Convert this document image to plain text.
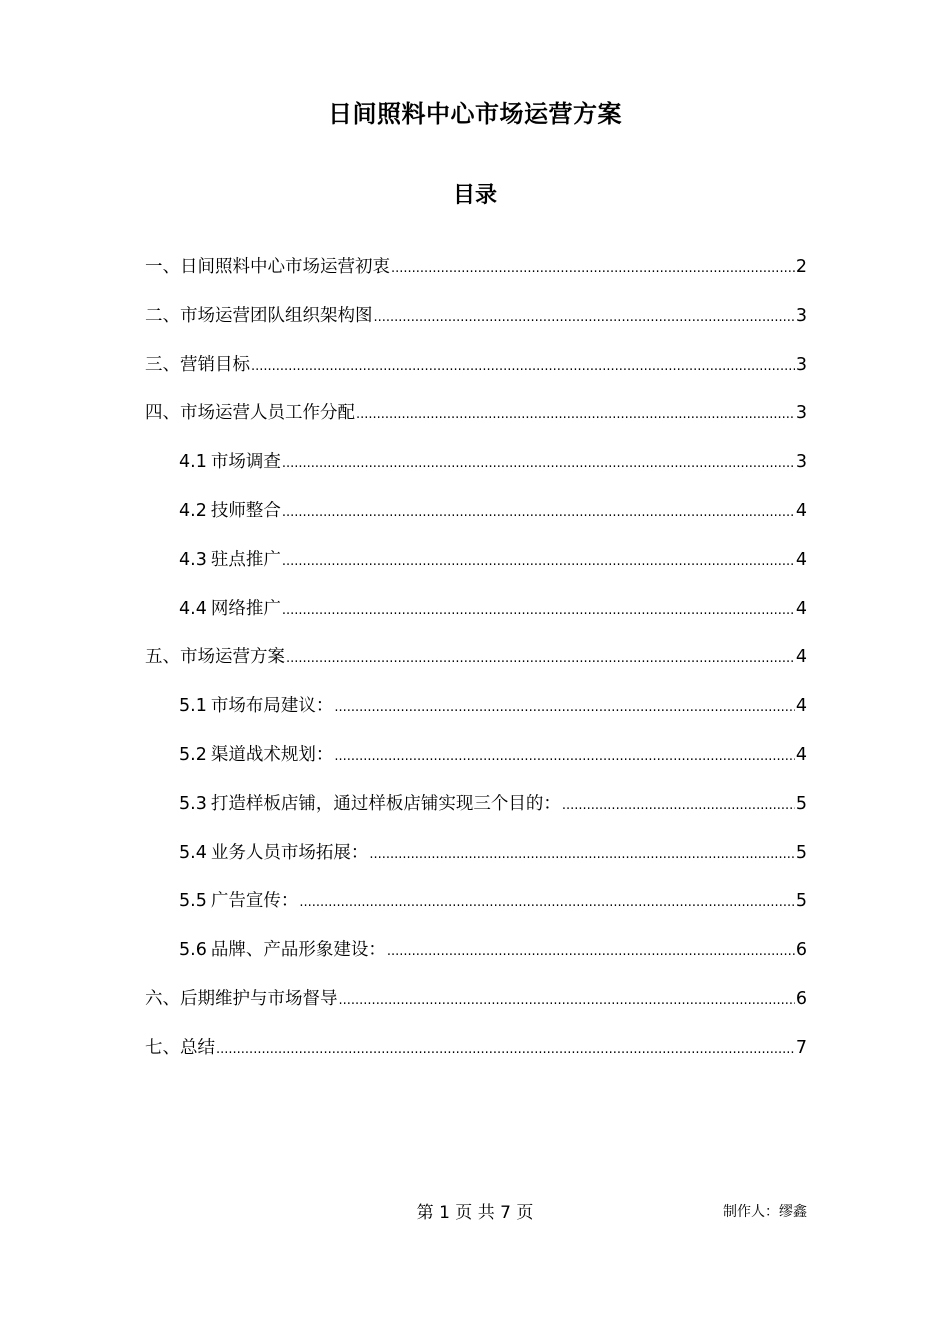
日间照料中心市场运营方案
目录
一、 日间照料中心市场运营初衷 .....	2
二、 市场运营团队组织架构图 .....	3
三、 营销目标 .....	3
四、 市场运营人员工作分配 .....	3
4.1 市场调查 .....	3
4.2 技师整合 .....	4
4.3 驻点推广 .....	4
4.4 网络推广 .....	4
五、 市场运营方案 .....	4
5.1 市场布局建议： .....	4
5.2 渠道战术规划： .....	4
5.3 打造样板店铺，通过样板店铺实现三个目的： .....	5
5.4 业务人员市场拓展： .....	5
5.5 广告宣传： .....	5
5.6 品牌、产品形象建设： .....	6
六、 后期维护与市场督导 .....	6
七、 总结 .....	7
第 1 页 共 7 页	制作人：缪鑫
